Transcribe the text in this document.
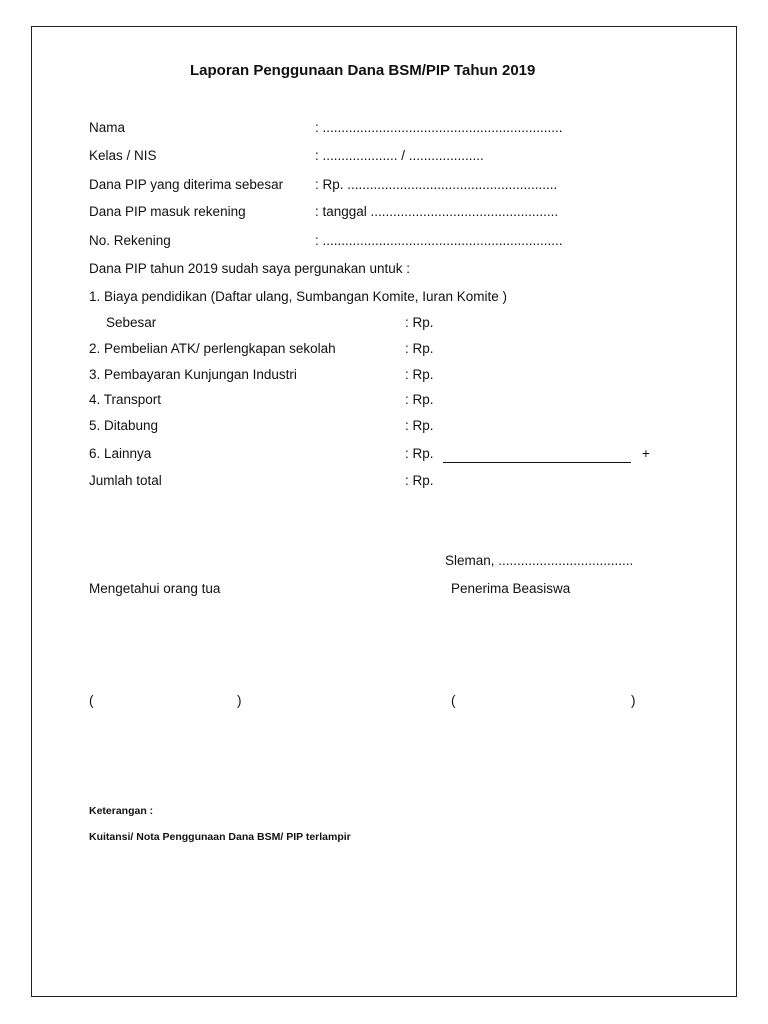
Laporan Penggunaan Dana BSM/PIP Tahun 2019
Nama	: ................................................................
Kelas / NIS	: .................... / ....................
Dana PIP yang diterima sebesar : Rp. ........................................................
Dana PIP masuk rekening	: tanggal ..................................................
No. Rekening	: ................................................................
Dana PIP tahun 2019 sudah saya pergunakan untuk :
1. Biaya pendidikan (Daftar ulang, Sumbangan Komite, Iuran Komite )
Sebesar	: Rp.
2. Pembelian ATK/ perlengkapan sekolah	: Rp.
3. Pembayaran Kunjungan Industri	: Rp.
4. Transport	: Rp.
5. Ditabung	: Rp.
6. Lainnya	: Rp.	+
Jumlah total	: Rp.
Sleman, ....................................
Mengetahui orang tua	Penerima Beasiswa
(	)	(	)
Keterangan :
Kuitansi/ Nota Penggunaan Dana BSM/ PIP terlampir
